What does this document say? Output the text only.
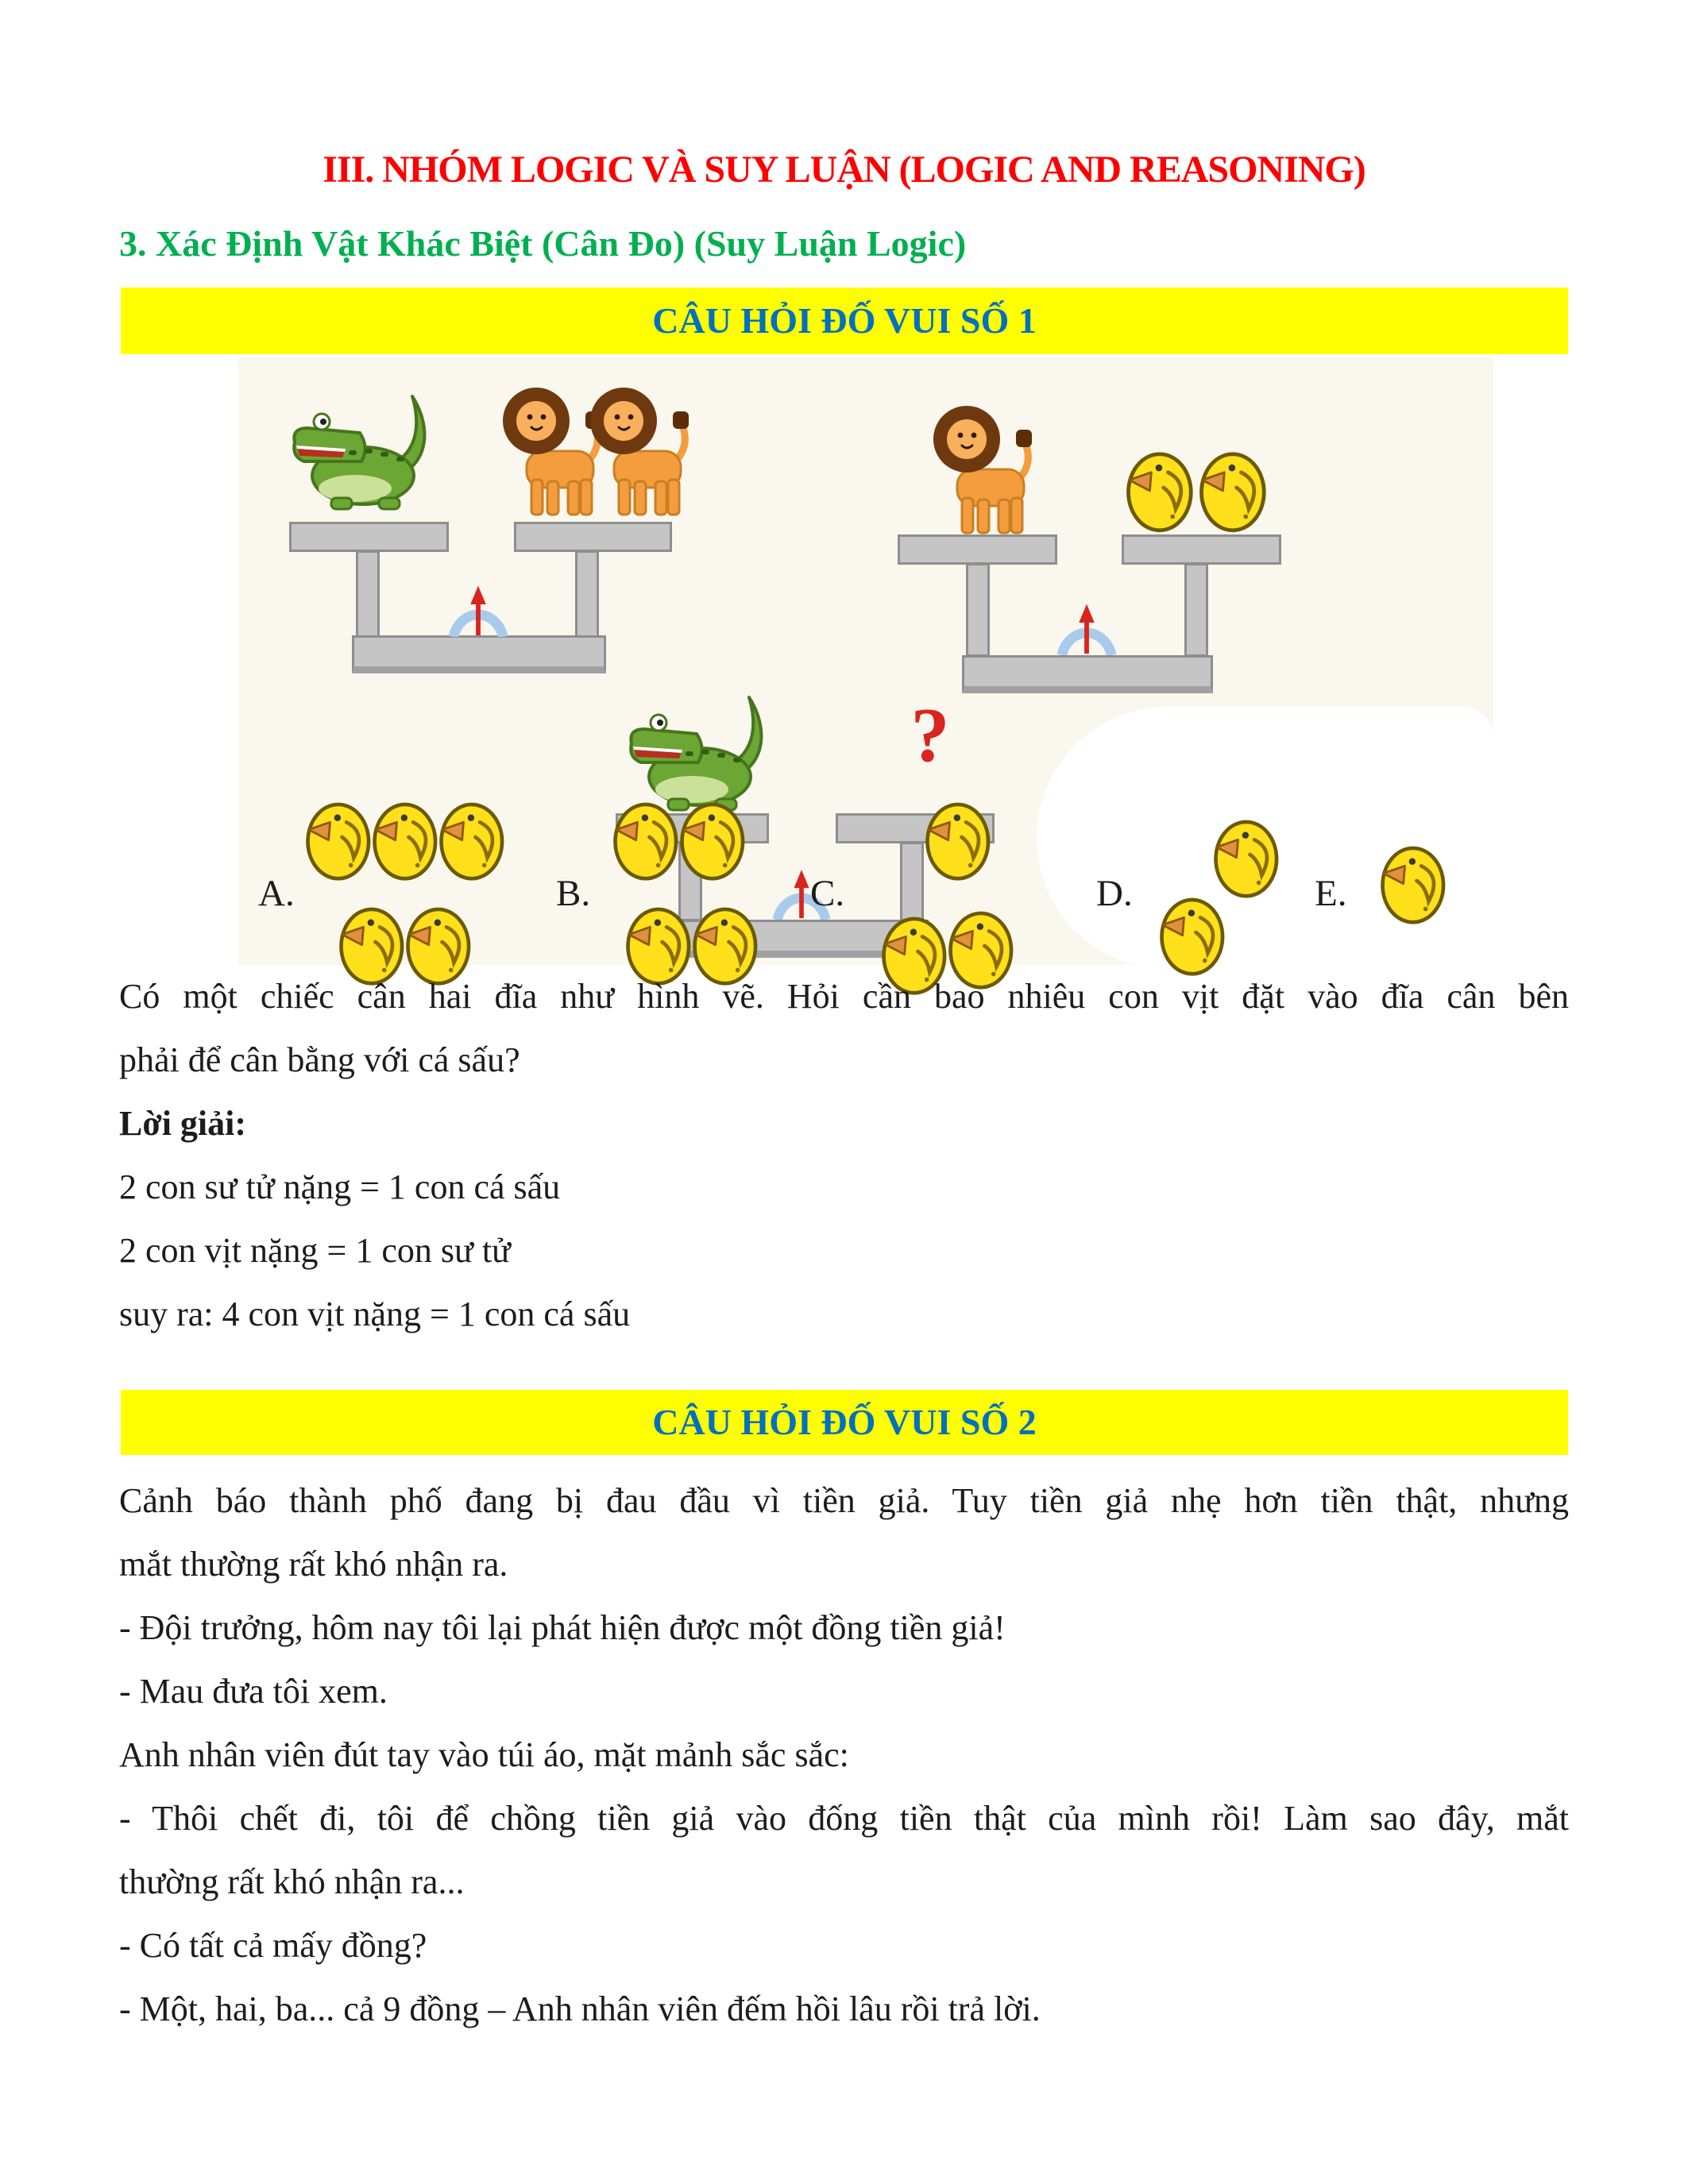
III. NHÓM LOGIC VÀ SUY LUẬN (LOGIC AND REASONING)
3. Xác Định Vật Khác Biệt (Cân Đo) (Suy Luận Logic)
CÂU HỎI ĐỐ VUI SỐ 1
?
A.	B.	C.	D.	E.
Có một chiếc cân hai đĩa như hình vẽ. Hỏi cần bao nhiêu con vịt đặt vào đĩa cân bên
phải để cân bằng với cá sấu?
Lời giải:
2 con sư tử nặng = 1 con cá sấu
2 con vịt nặng = 1 con sư tử
suy ra: 4 con vịt nặng = 1 con cá sấu
CÂU HỎI ĐỐ VUI SỐ 2
Cảnh báo thành phố đang bị đau đầu vì tiền giả. Tuy tiền giả nhẹ hơn tiền thật, nhưng
mắt thường rất khó nhận ra.
- Đội trưởng, hôm nay tôi lại phát hiện được một đồng tiền giả!
- Mau đưa tôi xem.
Anh nhân viên đút tay vào túi áo, mặt mảnh sắc sắc:
- Thôi chết đi, tôi để chồng tiền giả vào đống tiền thật của mình rồi! Làm sao đây, mắt
thường rất khó nhận ra...
- Có tất cả mấy đồng?
- Một, hai, ba... cả 9 đồng – Anh nhân viên đếm hồi lâu rồi trả lời.
